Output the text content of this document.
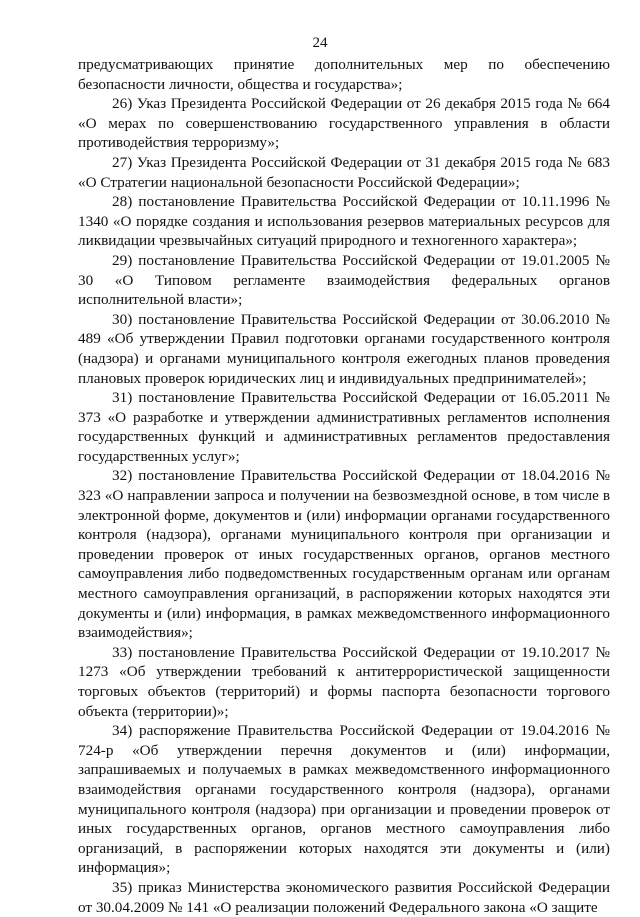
24

предусматривающих принятие дополнительных мер по обеспечению безопасности личности, общества и государства»;

26) Указ Президента Российской Федерации от 26 декабря 2015 года № 664 «О мерах по совершенствованию государственного управления в области противодействия терроризму»;

27) Указ Президента Российской Федерации от 31 декабря 2015 года № 683 «О Стратегии национальной безопасности Российской Федерации»;

28) постановление Правительства Российской Федерации от 10.11.1996 № 1340 «О порядке создания и использования резервов материальных ресурсов для ликвидации чрезвычайных ситуаций природного и техногенного характера»;

29) постановление Правительства Российской Федерации от 19.01.2005 № 30 «О Типовом регламенте взаимодействия федеральных органов исполнительной власти»;

30) постановление Правительства Российской Федерации от 30.06.2010 № 489 «Об утверждении Правил подготовки органами государственного контроля (надзора) и органами муниципального контроля ежегодных планов проведения плановых проверок юридических лиц и индивидуальных предпринимателей»;

31) постановление Правительства Российской Федерации от 16.05.2011 № 373 «О разработке и утверждении административных регламентов исполнения государственных функций и административных регламентов предоставления государственных услуг»;

32) постановление Правительства Российской Федерации от 18.04.2016 № 323 «О направлении запроса и получении на безвозмездной основе, в том числе в электронной форме, документов и (или) информации органами государственного контроля (надзора), органами муниципального контроля при организации и проведении проверок от иных государственных органов, органов местного самоуправления либо подведомственных государственным органам или органам местного самоуправления организаций, в распоряжении которых находятся эти документы и (или) информация, в рамках межведомственного информационного взаимодействия»;

33) постановление Правительства Российской Федерации от 19.10.2017 № 1273 «Об утверждении требований к антитеррористической защищенности торговых объектов (территорий) и формы паспорта безопасности торгового объекта (территории)»;

34) распоряжение Правительства Российской Федерации от 19.04.2016 № 724-р «Об утверждении перечня документов и (или) информации, запрашиваемых и получаемых в рамках межведомственного информационного взаимодействия органами государственного контроля (надзора), органами муниципального контроля (надзора) при организации и проведении проверок от иных государственных органов, органов местного самоуправления либо организаций, в распоряжении которых находятся эти документы и (или) информация»;

35) приказ Министерства экономического развития Российской Федерации от 30.04.2009 № 141 «О реализации положений Федерального закона «О защите
